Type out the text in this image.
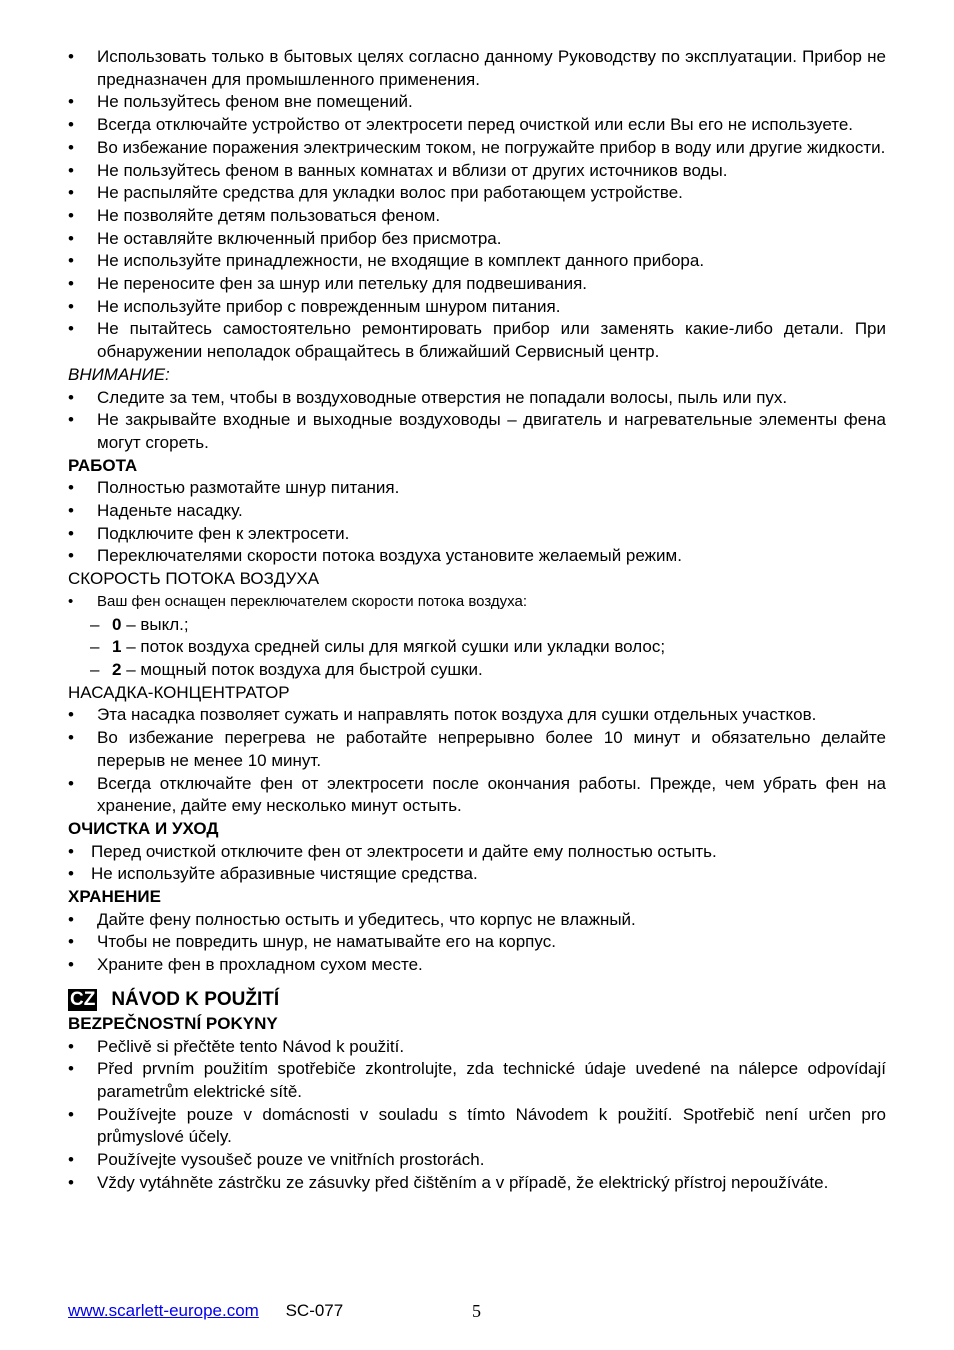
• Использовать только в бытовых целях согласно данному Руководству по эксплуатации. Прибор не предназначен для промышленного применения.
• Не пользуйтесь феном вне помещений.
• Всегда отключайте устройство от электросети перед очисткой или если Вы его не используете.
• Во избежание поражения электрическим током, не погружайте прибор в воду или другие жидкости.
• Не пользуйтесь феном в ванных комнатах и вблизи от других источников воды.
• Не распыляйте средства для укладки волос при работающем устройстве.
• Не позволяйте детям пользоваться феном.
• Не оставляйте включенный прибор без присмотра.
• Не используйте принадлежности, не входящие в комплект данного прибора.
• Не переносите фен за шнур или петельку для подвешивания.
• Не используйте прибор с поврежденным шнуром питания.
• Не пытайтесь самостоятельно ремонтировать прибор или заменять какие-либо детали. При обнаружении неполадок обращайтесь в ближайший Сервисный центр.
ВНИМАНИЕ:
• Следите за тем, чтобы в воздуховодные отверстия не попадали волосы, пыль или пух.
• Не закрывайте входные и выходные воздуховоды – двигатель и нагревательные элементы фена могут сгореть.
РАБОТА
• Полностью размотайте шнур питания.
• Наденьте насадку.
• Подключите фен к электросети.
• Переключателями скорости потока воздуха установите желаемый режим.
СКОРОСТЬ ПОТОКА ВОЗДУХА
• Ваш фен оснащен переключателем скорости потока воздуха:
– 0 – выкл.;
– 1 – поток воздуха средней силы для мягкой сушки или укладки волос;
– 2 – мощный поток воздуха для быстрой сушки.
НАСАДКА-КОНЦЕНТРАТОР
• Эта насадка позволяет сужать и направлять поток воздуха для сушки отдельных участков.
• Во избежание перегрева не работайте непрерывно более 10 минут и обязательно делайте перерыв не менее 10 минут.
• Всегда отключайте фен от электросети после окончания работы. Прежде, чем убрать фен на хранение, дайте ему несколько минут остыть.
ОЧИСТКА И УХОД
• Перед очисткой отключите фен от электросети и дайте ему полностью остыть.
• Не используйте абразивные чистящие средства.
ХРАНЕНИЕ
• Дайте фену полностью остыть и убедитесь, что корпус не влажный.
• Чтобы не повредить шнур, не наматывайте его на корпус.
• Храните фен в прохладном сухом месте.
CZ NÁVOD K POUŽITÍ
BEZPEČNOSTNÍ POKYNY
• Pečlivě si přečtěte tento Návod k použití.
• Před prvním použitím spotřebiče zkontrolujte, zda technické údaje uvedené na nálepce odpovídají parametrům elektrické sítě.
• Používejte pouze v domácnosti v souladu s tímto Návodem k použití. Spotřebič není určen pro průmyslové účely.
• Používejte vysoušeč pouze ve vnitřních prostorách.
• Vždy vytáhněte zástrčku ze zásuvky před čištěním a v případě, že elektrický přístroj nepoužíváte.
www.scarlett-europe.com SC-077	5
